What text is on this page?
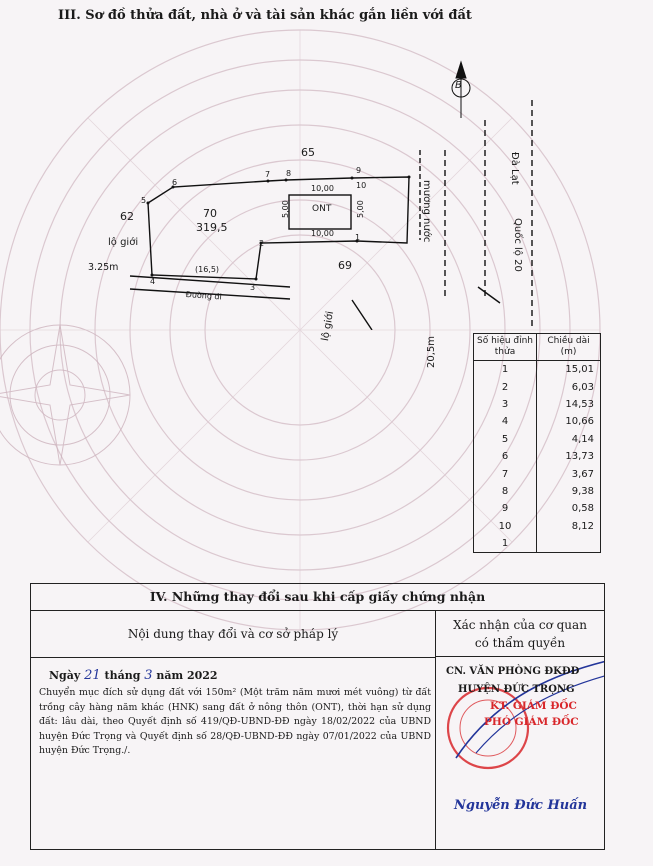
III. Sơ đồ thửa đất, nhà ở và tài sản khác gắn liền với đất
B
70
319,5
ONT
10,00
10,00
5,00	5,00
65
62
69
1
2
3
4
5
6
7 8	9
10
lộ giới
3.25m	(16,5)
Đường đi
lộ giới
20,5m
mương nước
Quốc lộ 20
Đà Lạt
Số hiệu đỉnh thửa	Chiều dài (m)
1	15,01
2	6,03
3	14,53
4	10,66
5	4,14
6	13,73
7	3,67
8	9,38
9	0,58
10	8,12
1	
IV. Những thay đổi sau khi cấp giấy chứng nhận
Nội dung thay đổi và cơ sở pháp lý
Xác nhận của cơ quan
có thẩm quyền
Ngày 21 tháng 3 năm 2022
Chuyển mục đích sử dụng đất với 150m² (Một trăm năm mươi mét vuông) từ đất trồng cây hàng năm khác (HNK) sang đất ở nông thôn (ONT), thời hạn sử dụng đất: lâu dài, theo Quyết định số 419/QĐ-UBND-ĐĐ ngày 18/02/2022 của UBND huyện Đức Trọng và Quyết định số 28/QĐ-UBND-ĐĐ ngày 07/01/2022 của UBND huyện Đức Trọng./.
CN. VĂN PHÒNG ĐKĐĐ
HUYỆN ĐỨC TRỌNG
KT. GIÁM ĐỐC
PHÓ GIÁM ĐỐC
Nguyễn Đức Huấn
